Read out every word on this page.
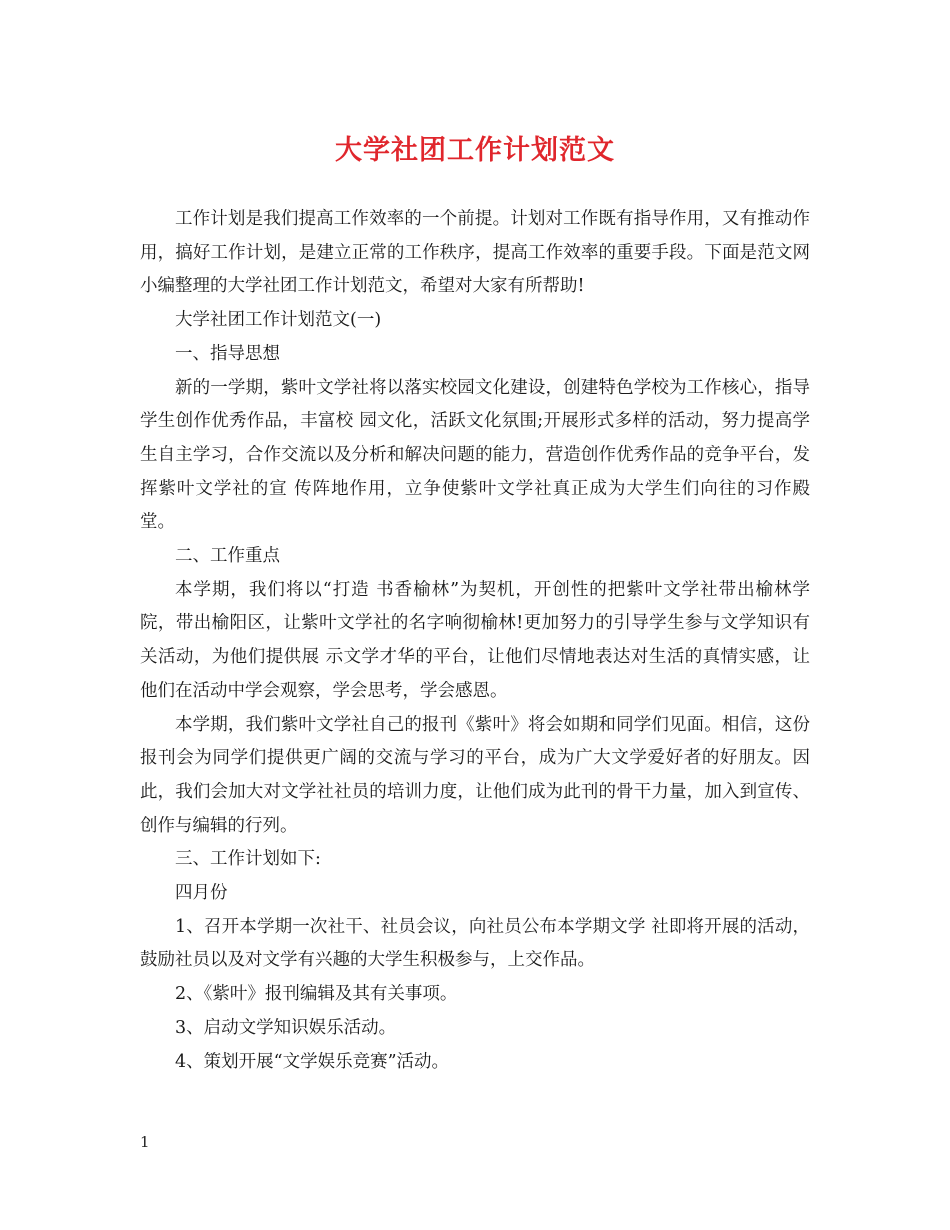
大学社团工作计划范文

工作计划是我们提高工作效率的一个前提。计划对工作既有指导作用，又有推动作用，搞好工作计划，是建立正常的工作秩序，提高工作效率的重要手段。下面是范文网小编整理的大学社团工作计划范文，希望对大家有所帮助!

大学社团工作计划范文(一)

一、指导思想

新的一学期，紫叶文学社将以落实校园文化建设，创建特色学校为工作核心，指导学生创作优秀作品，丰富校 园文化，活跃文化氛围;开展形式多样的活动，努力提高学生自主学习，合作交流以及分析和解决问题的能力，营造创作优秀作品的竞争平台，发挥紫叶文学社的宣 传阵地作用，立争使紫叶文学社真正成为大学生们向往的习作殿堂。

二、工作重点

本学期，我们将以“打造 书香榆林”为契机，开创性的把紫叶文学社带出榆林学院，带出榆阳区，让紫叶文学社的名字响彻榆林!更加努力的引导学生参与文学知识有关活动，为他们提供展 示文学才华的平台，让他们尽情地表达对生活的真情实感，让他们在活动中学会观察，学会思考，学会感恩。

本学期，我们紫叶文学社自己的报刊《紫叶》将会如期和同学们见面。相信，这份报刊会为同学们提供更广阔的交流与学习的平台，成为广大文学爱好者的好朋友。因此，我们会加大对文学社社员的培训力度，让他们成为此刊的骨干力量，加入到宣传、创作与编辑的行列。

三、工作计划如下:

四月份

1、召开本学期一次社干、社员会议，向社员公布本学期文学 社即将开展的活动，鼓励社员以及对文学有兴趣的大学生积极参与，上交作品。

2、《紫叶》报刊编辑及其有关事项。

3、启动文学知识娱乐活动。

4、策划开展“文学娱乐竞赛”活动。

1
